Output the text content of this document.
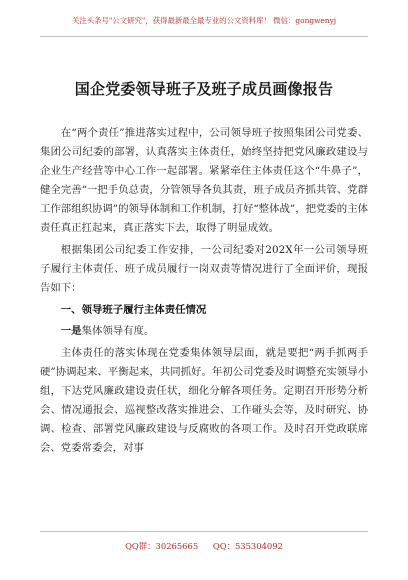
关注头条号"公文研究"，获得最新最全最专业的公文资料库！ 微信：gongwenyj
国企党委领导班子及班子成员画像报告

在“两个责任”推进落实过程中，公司领导班子按照集团公司党委、集团公司纪委的部署，认真落实主体责任，始终坚持把党风廉政建设与企业生产经营等中心工作一起部署。紧紧牵住主体责任这个“牛鼻子”，健全完善“一把手负总责，分管领导各负其责，班子成员齐抓共管、党群工作部组织协调”的领导体制和工作机制，打好“整体战”，把党委的主体责任真正扛起来，真正落实下去，取得了明显成效。

根据集团公司纪委工作安排，一公司纪委对202X年一公司领导班子履行主体责任、班子成员履行一岗双责等情况进行了全面评价，现报告如下：

一、领导班子履行主体责任情况

一是集体领导有度。

主体责任的落实体现在党委集体领导层面，就是要把“两手抓两手硬”协调起来、平衡起来，共同抓好。年初公司党委及时调整充实领导小组，下达党风廉政建设责任状，细化分解各项任务。定期召开形势分析会、情况通报会、巡视整改落实推进会、工作碰头会等，及时研究、协调、检查、部署党风廉政建设与反腐败的各项工作。及时召开党政联席会、党委常委会，对事

QQ群：30265665 QQ：535304092
